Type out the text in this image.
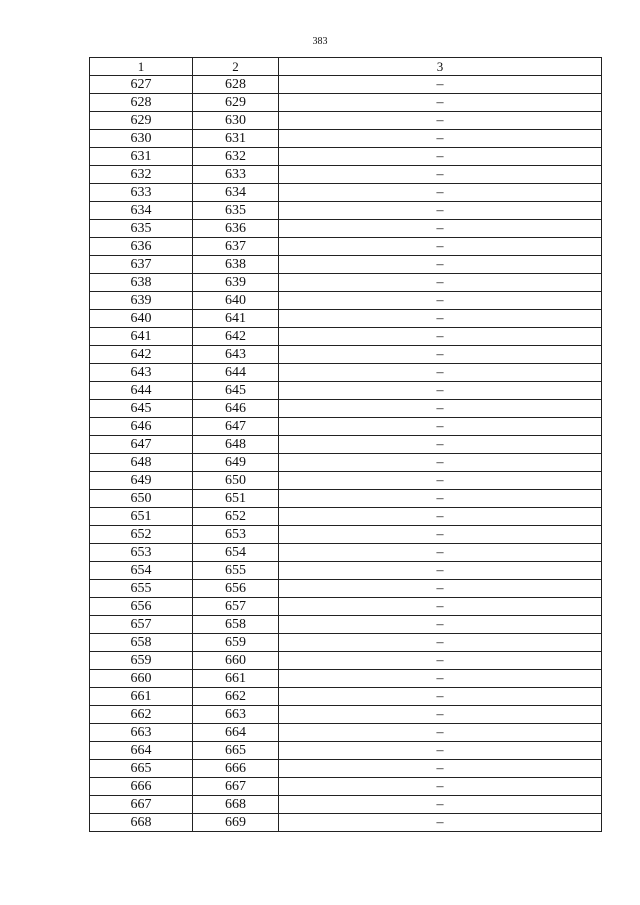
383
1	2	3
627	628	–
628	629	–
629	630	–
630	631	–
631	632	–
632	633	–
633	634	–
634	635	–
635	636	–
636	637	–
637	638	–
638	639	–
639	640	–
640	641	–
641	642	–
642	643	–
643	644	–
644	645	–
645	646	–
646	647	–
647	648	–
648	649	–
649	650	–
650	651	–
651	652	–
652	653	–
653	654	–
654	655	–
655	656	–
656	657	–
657	658	–
658	659	–
659	660	–
660	661	–
661	662	–
662	663	–
663	664	–
664	665	–
665	666	–
666	667	–
667	668	–
668	669	–
